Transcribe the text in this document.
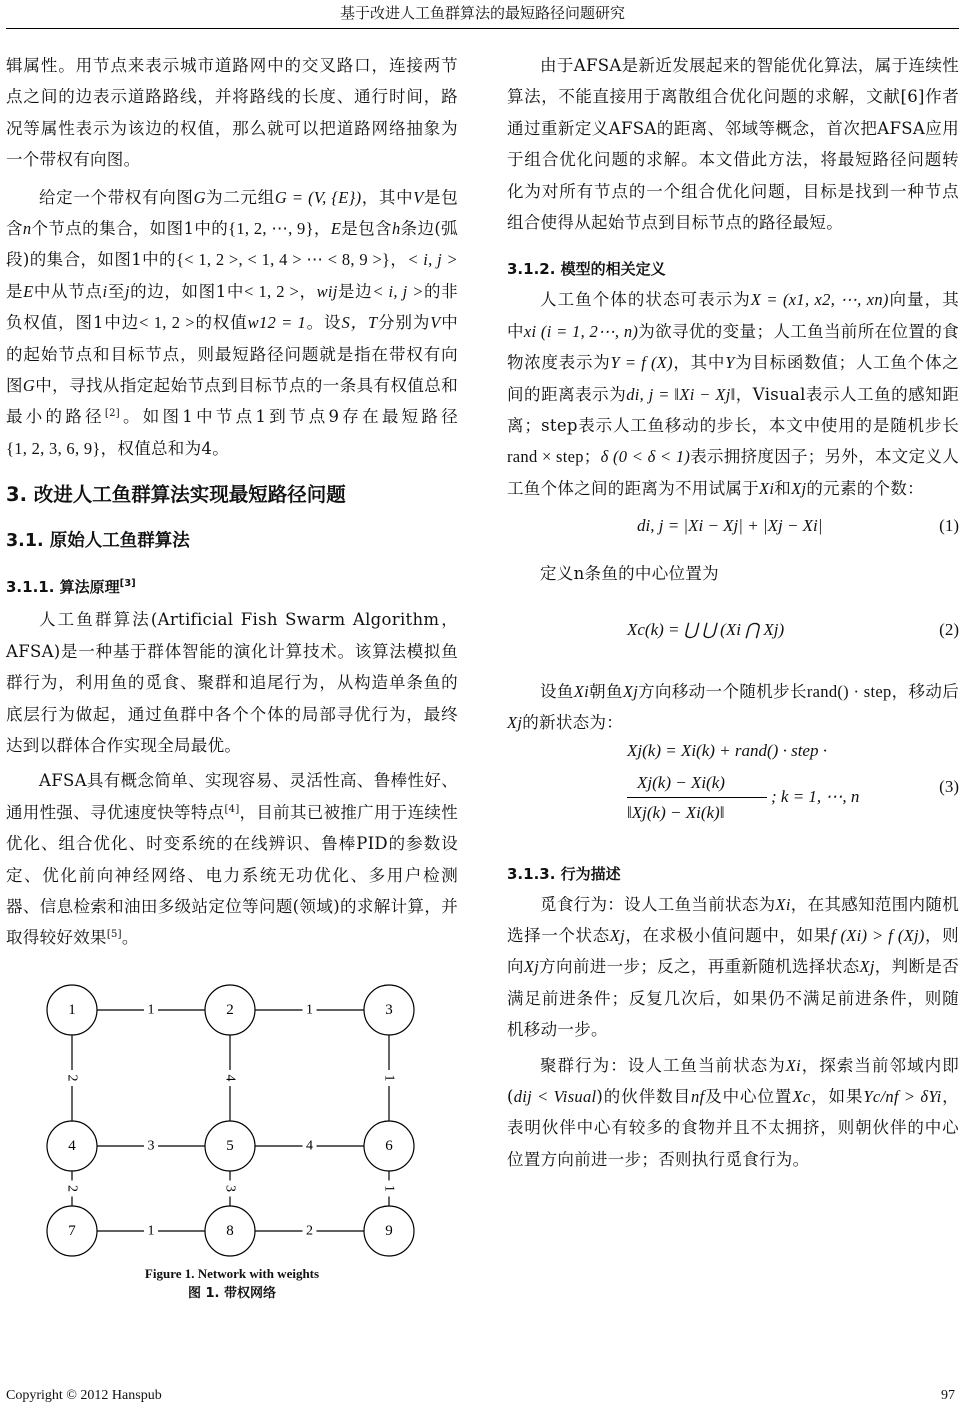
基于改进人工鱼群算法的最短路径问题研究

辑属性。用节点来表示城市道路网中的交叉路口，连接两节点之间的边表示道路路线，并将路线的长度、通行时间，路况等属性表示为该边的权值，那么就可以把道路网络抽象为一个带权有向图。

给定一个带权有向图G为二元组G = (V, {E})，其中V是包含n个节点的集合，如图1中的{1, 2, ⋯, 9}，E是包含h条边(弧段)的集合，如图1中的{< 1, 2 >, < 1, 4 > ⋯ < 8, 9 >}，< i, j >是E中从节点i至j的边，如图1中< 1, 2 >，wij是边< i, j >的非负权值，图1中边< 1, 2 >的权值w12 = 1。设S，T分别为V中的起始节点和目标节点，则最短路径问题就是指在带权有向图G中，寻找从指定起始节点到目标节点的一条具有权值总和最小的路径[2]。如图1中节点1到节点9存在最短路径{1, 2, 3, 6, 9}，权值总和为4。

3. 改进人工鱼群算法实现最短路径问题
3.1. 原始人工鱼群算法
3.1.1. 算法原理[3]

人工鱼群算法(Artificial Fish Swarm Algorithm，AFSA)是一种基于群体智能的演化计算技术。该算法模拟鱼群行为，利用鱼的觅食、聚群和追尾行为，从构造单条鱼的底层行为做起，通过鱼群中各个个体的局部寻优行为，最终达到以群体合作实现全局最优。

AFSA具有概念简单、实现容易、灵活性高、鲁棒性好、通用性强、寻优速度快等特点[4]，目前其已被推广用于连续性优化、组合优化、时变系统的在线辨识、鲁棒PID的参数设定、优化前向神经网络、电力系统无功优化、多用户检测器、信息检索和油田多级站定位等问题(领域)的求解计算，并取得较好效果[5]。

1	1
3	4
1	2
2	4	1
2	3	1
1	2	3
4	5	6
7	8	9
Figure 1. Network with weights
图 1. 带权网络

由于AFSA是新近发展起来的智能优化算法，属于连续性算法，不能直接用于离散组合优化问题的求解，文献[6]作者通过重新定义AFSA的距离、邻域等概念，首次把AFSA应用于组合优化问题的求解。本文借此方法，将最短路径问题转化为对所有节点的一个组合优化问题，目标是找到一种节点组合使得从起始节点到目标节点的路径最短。

3.1.2. 模型的相关定义

人工鱼个体的状态可表示为X = (x1, x2, ⋯, xn)向量，其中xi (i = 1, 2⋯, n)为欲寻优的变量；人工鱼当前所在位置的食物浓度表示为Y = f (X)，其中Y为目标函数值；人工鱼个体之间的距离表示为di, j = ‖Xi − Xj‖，Visual表示人工鱼的感知距离；step表示人工鱼移动的步长，本文中使用的是随机步长rand × step；δ (0 < δ < 1)表示拥挤度因子；另外，本文定义人工鱼个体之间的距离为不用试属于Xi和Xj的元素的个数：

di, j = |Xi − Xj| + |Xj − Xi|	(1)

定义n条鱼的中心位置为

Xc(k) = ⋃ ⋃ (Xi ⋂ Xj)	(2)

设鱼Xi朝鱼Xj方向移动一个随机步长rand() · step，移动后Xj的新状态为：

Xj(k) = Xi(k) + rand() · step ·
(3)
Xj(k) − Xi(k)
‖Xj(k) − Xi(k)‖
; k = 1, ⋯, n
3.1.3. 行为描述

觅食行为：设人工鱼当前状态为Xi，在其感知范围内随机选择一个状态Xj，在求极小值问题中，如果f (Xi) > f (Xj)，则向Xj方向前进一步；反之，再重新随机选择状态Xj，判断是否满足前进条件；反复几次后，如果仍不满足前进条件，则随机移动一步。

聚群行为：设人工鱼当前状态为Xi，探索当前邻域内即(dij < Visual)的伙伴数目nf及中心位置Xc，如果Yc/nf > δYi，表明伙伴中心有较多的食物并且不太拥挤，则朝伙伴的中心位置方向前进一步；否则执行觅食行为。

Copyright © 2012 Hanspub	97
